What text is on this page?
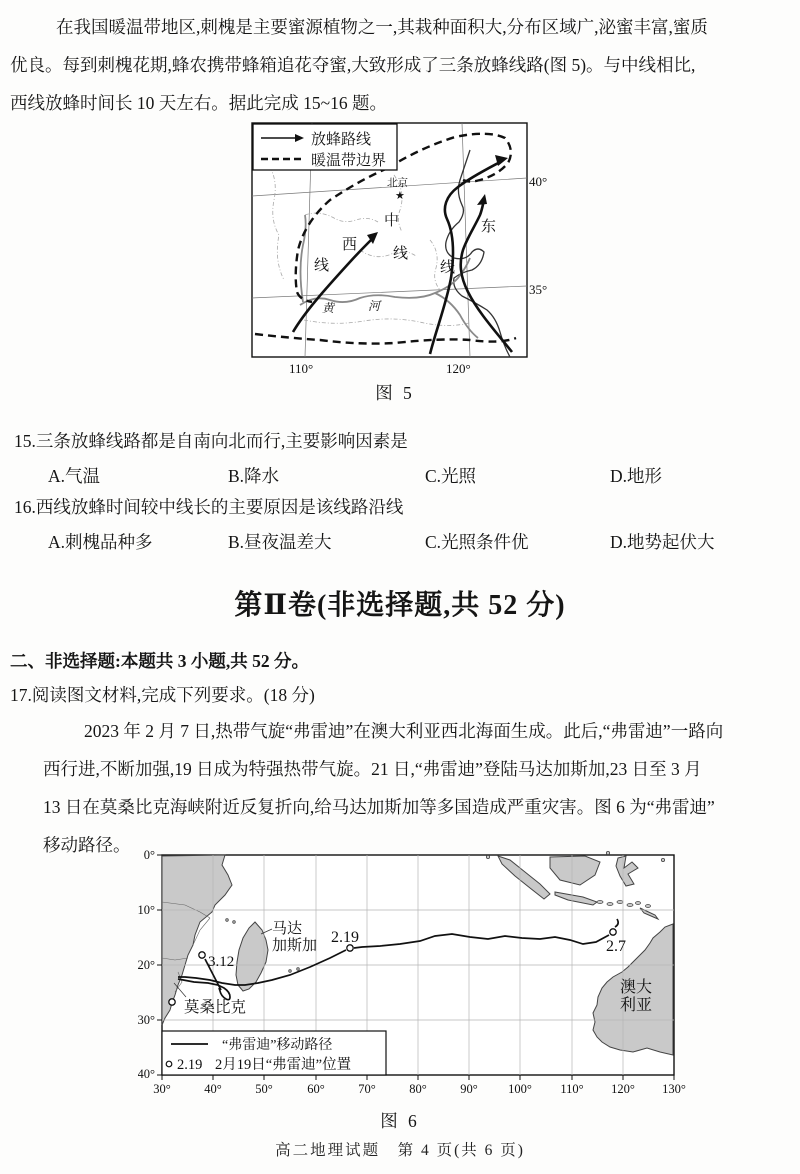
在我国暖温带地区,刺槐是主要蜜源植物之一,其栽种面积大,分布区域广,泌蜜丰富,蜜质
优良。每到刺槐花期,蜂农携带蜂箱追花夺蜜,大致形成了三条放蜂线路(图 5)。与中线相比,
西线放蜂时间长 10 天左右。据此完成 15~16 题。
放蜂路线
暖温带边界
北京
★
西
线
中
线
东
线
黄	河
40°
35°
110°	120°
图 5
15.三条放蜂线路都是自南向北而行,主要影响因素是
A.气温	B.降水	C.光照	D.地形
16.西线放蜂时间较中线长的主要原因是该线路沿线
A.刺槐品种多	B.昼夜温差大	C.光照条件优	D.地势起伏大
第Ⅱ卷(非选择题,共 52 分)
二、非选择题:本题共 3 小题,共 52 分。
17.阅读图文材料,完成下列要求。(18 分)
2023 年 2 月 7 日,热带气旋“弗雷迪”在澳大利亚西北海面生成。此后,“弗雷迪”一路向
西行进,不断加强,19 日成为特强热带气旋。21 日,“弗雷迪”登陆马达加斯加,23 日至 3 月
13 日在莫桑比克海峡附近反复折向,给马达加斯加等多国造成严重灾害。图 6 为“弗雷迪”
移动路径。
马达
加斯加
莫桑比克
澳大
利亚
2.19
2.7
3.12
“弗雷迪”移动路径
2.19 2月19日“弗雷迪”位置
0°
10°
20°
30°
40°
30°	40°	50°	60°	70°	80°	90° 100° 110° 120° 130°
图 6
高二地理试题　第 4 页(共 6 页)
